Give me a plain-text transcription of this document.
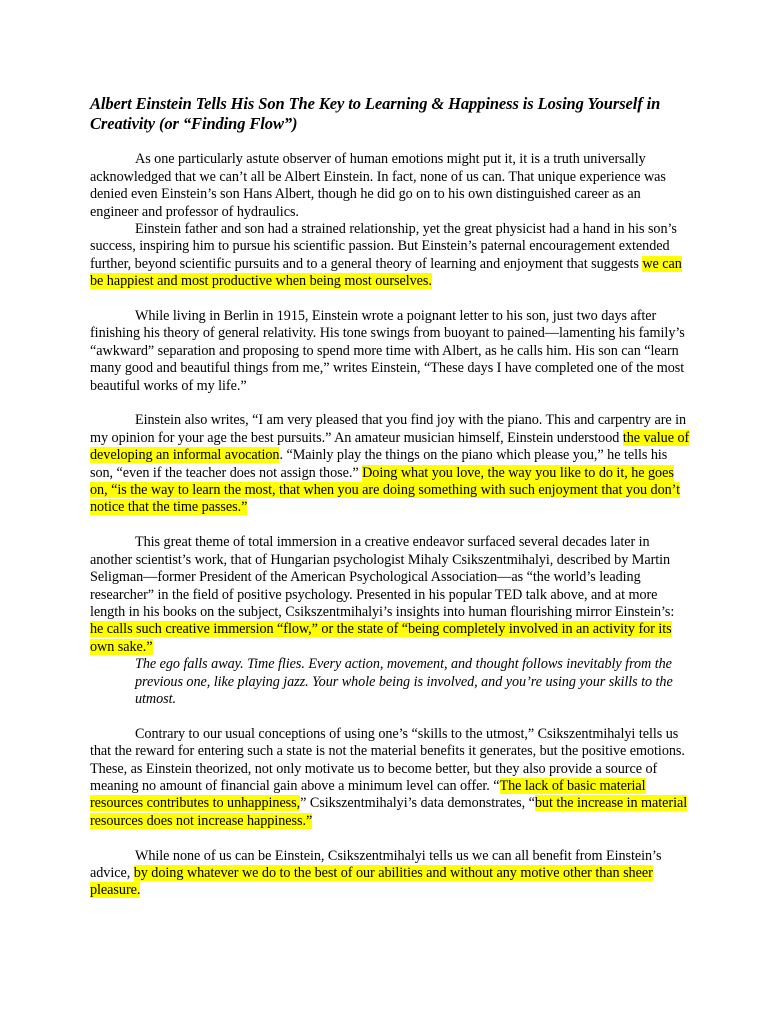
Albert Einstein Tells His Son The Key to Learning & Happiness is Losing Yourself in Creativity (or “Finding Flow”)

As one particularly astute observer of human emotions might put it, it is a truth universally acknowledged that we can’t all be Albert Einstein. In fact, none of us can. That unique experience was denied even Einstein’s son Hans Albert, though he did go on to his own distinguished career as an engineer and professor of hydraulics.

Einstein father and son had a strained relationship, yet the great physicist had a hand in his son’s success, inspiring him to pursue his scientific passion. But Einstein’s paternal encouragement extended further, beyond scientific pursuits and to a general theory of learning and enjoyment that suggests we can be happiest and most productive when being most ourselves.

While living in Berlin in 1915, Einstein wrote a poignant letter to his son, just two days after finishing his theory of general relativity. His tone swings from buoyant to pained—lamenting his family’s “awkward” separation and proposing to spend more time with Albert, as he calls him. His son can “learn many good and beautiful things from me,” writes Einstein, “These days I have completed one of the most beautiful works of my life.”

Einstein also writes, “I am very pleased that you find joy with the piano. This and carpentry are in my opinion for your age the best pursuits.” An amateur musician himself, Einstein understood the value of developing an informal avocation. “Mainly play the things on the piano which please you,” he tells his son, “even if the teacher does not assign those.” Doing what you love, the way you like to do it, he goes on, “is the way to learn the most, that when you are doing something with such enjoyment that you don’t notice that the time passes.”

This great theme of total immersion in a creative endeavor surfaced several decades later in another scientist’s work, that of Hungarian psychologist Mihaly Csikszentmihalyi, described by Martin Seligman—former President of the American Psychological Association—as “the world’s leading researcher” in the field of positive psychology. Presented in his popular TED talk above, and at more length in his books on the subject, Csikszentmihalyi’s insights into human flourishing mirror Einstein’s: he calls such creative immersion “flow,” or the state of “being completely involved in an activity for its own sake.”

The ego falls away. Time flies. Every action, movement, and thought follows inevitably from the previous one, like playing jazz. Your whole being is involved, and you’re using your skills to the utmost.

Contrary to our usual conceptions of using one’s “skills to the utmost,” Csikszentmihalyi tells us that the reward for entering such a state is not the material benefits it generates, but the positive emotions. These, as Einstein theorized, not only motivate us to become better, but they also provide a source of meaning no amount of financial gain above a minimum level can offer. “The lack of basic material resources contributes to unhappiness,” Csikszentmihalyi’s data demonstrates, “but the increase in material resources does not increase happiness.”

While none of us can be Einstein, Csikszentmihalyi tells us we can all benefit from Einstein’s advice, by doing whatever we do to the best of our abilities and without any motive other than sheer pleasure.
